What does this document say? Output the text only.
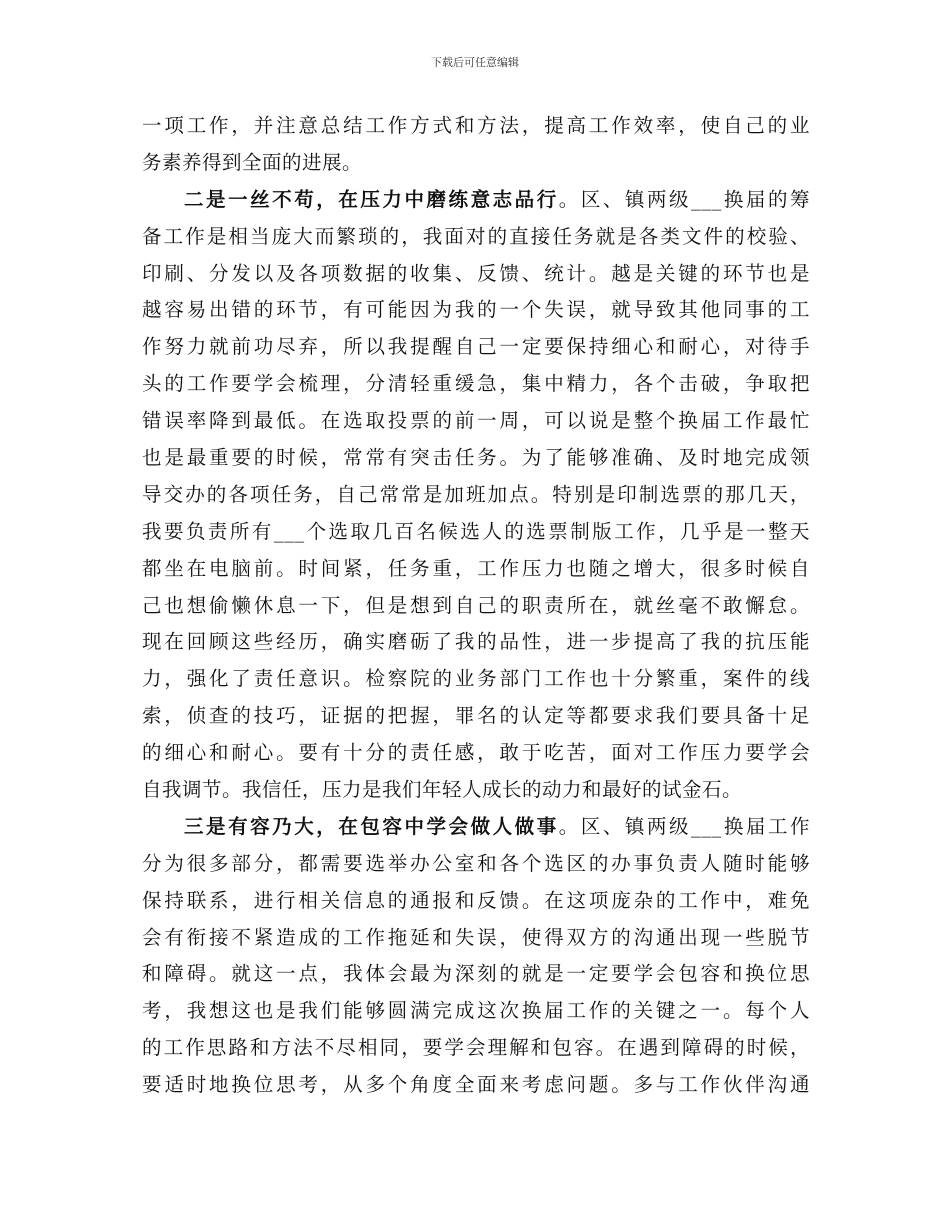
下载后可任意编辑
一项工作，并注意总结工作方式和方法，提高工作效率，使自己的业
务素养得到全面的进展。
二是一丝不苟，在压力中磨练意志品行。区、镇两级___换届的筹
备工作是相当庞大而繁琐的，我面对的直接任务就是各类文件的校验、
印刷、分发以及各项数据的收集、反馈、统计。越是关键的环节也是
越容易出错的环节，有可能因为我的一个失误，就导致其他同事的工
作努力就前功尽弃，所以我提醒自己一定要保持细心和耐心，对待手
头的工作要学会梳理，分清轻重缓急，集中精力，各个击破，争取把
错误率降到最低。在选取投票的前一周，可以说是整个换届工作最忙
也是最重要的时候，常常有突击任务。为了能够准确、及时地完成领
导交办的各项任务，自己常常是加班加点。特别是印制选票的那几天，
我要负责所有___个选取几百名候选人的选票制版工作，几乎是一整天
都坐在电脑前。时间紧，任务重，工作压力也随之增大，很多时候自
己也想偷懒休息一下，但是想到自己的职责所在，就丝毫不敢懈怠。
现在回顾这些经历，确实磨砺了我的品性，进一步提高了我的抗压能
力，强化了责任意识。检察院的业务部门工作也十分繁重，案件的线
索，侦查的技巧，证据的把握，罪名的认定等都要求我们要具备十足
的细心和耐心。要有十分的责任感，敢于吃苦，面对工作压力要学会
自我调节。我信任，压力是我们年轻人成长的动力和最好的试金石。
三是有容乃大，在包容中学会做人做事。区、镇两级___换届工作
分为很多部分，都需要选举办公室和各个选区的办事负责人随时能够
保持联系，进行相关信息的通报和反馈。在这项庞杂的工作中，难免
会有衔接不紧造成的工作拖延和失误，使得双方的沟通出现一些脱节
和障碍。就这一点，我体会最为深刻的就是一定要学会包容和换位思
考，我想这也是我们能够圆满完成这次换届工作的关键之一。每个人
的工作思路和方法不尽相同，要学会理解和包容。在遇到障碍的时候，
要适时地换位思考，从多个角度全面来考虑问题。多与工作伙伴沟通
